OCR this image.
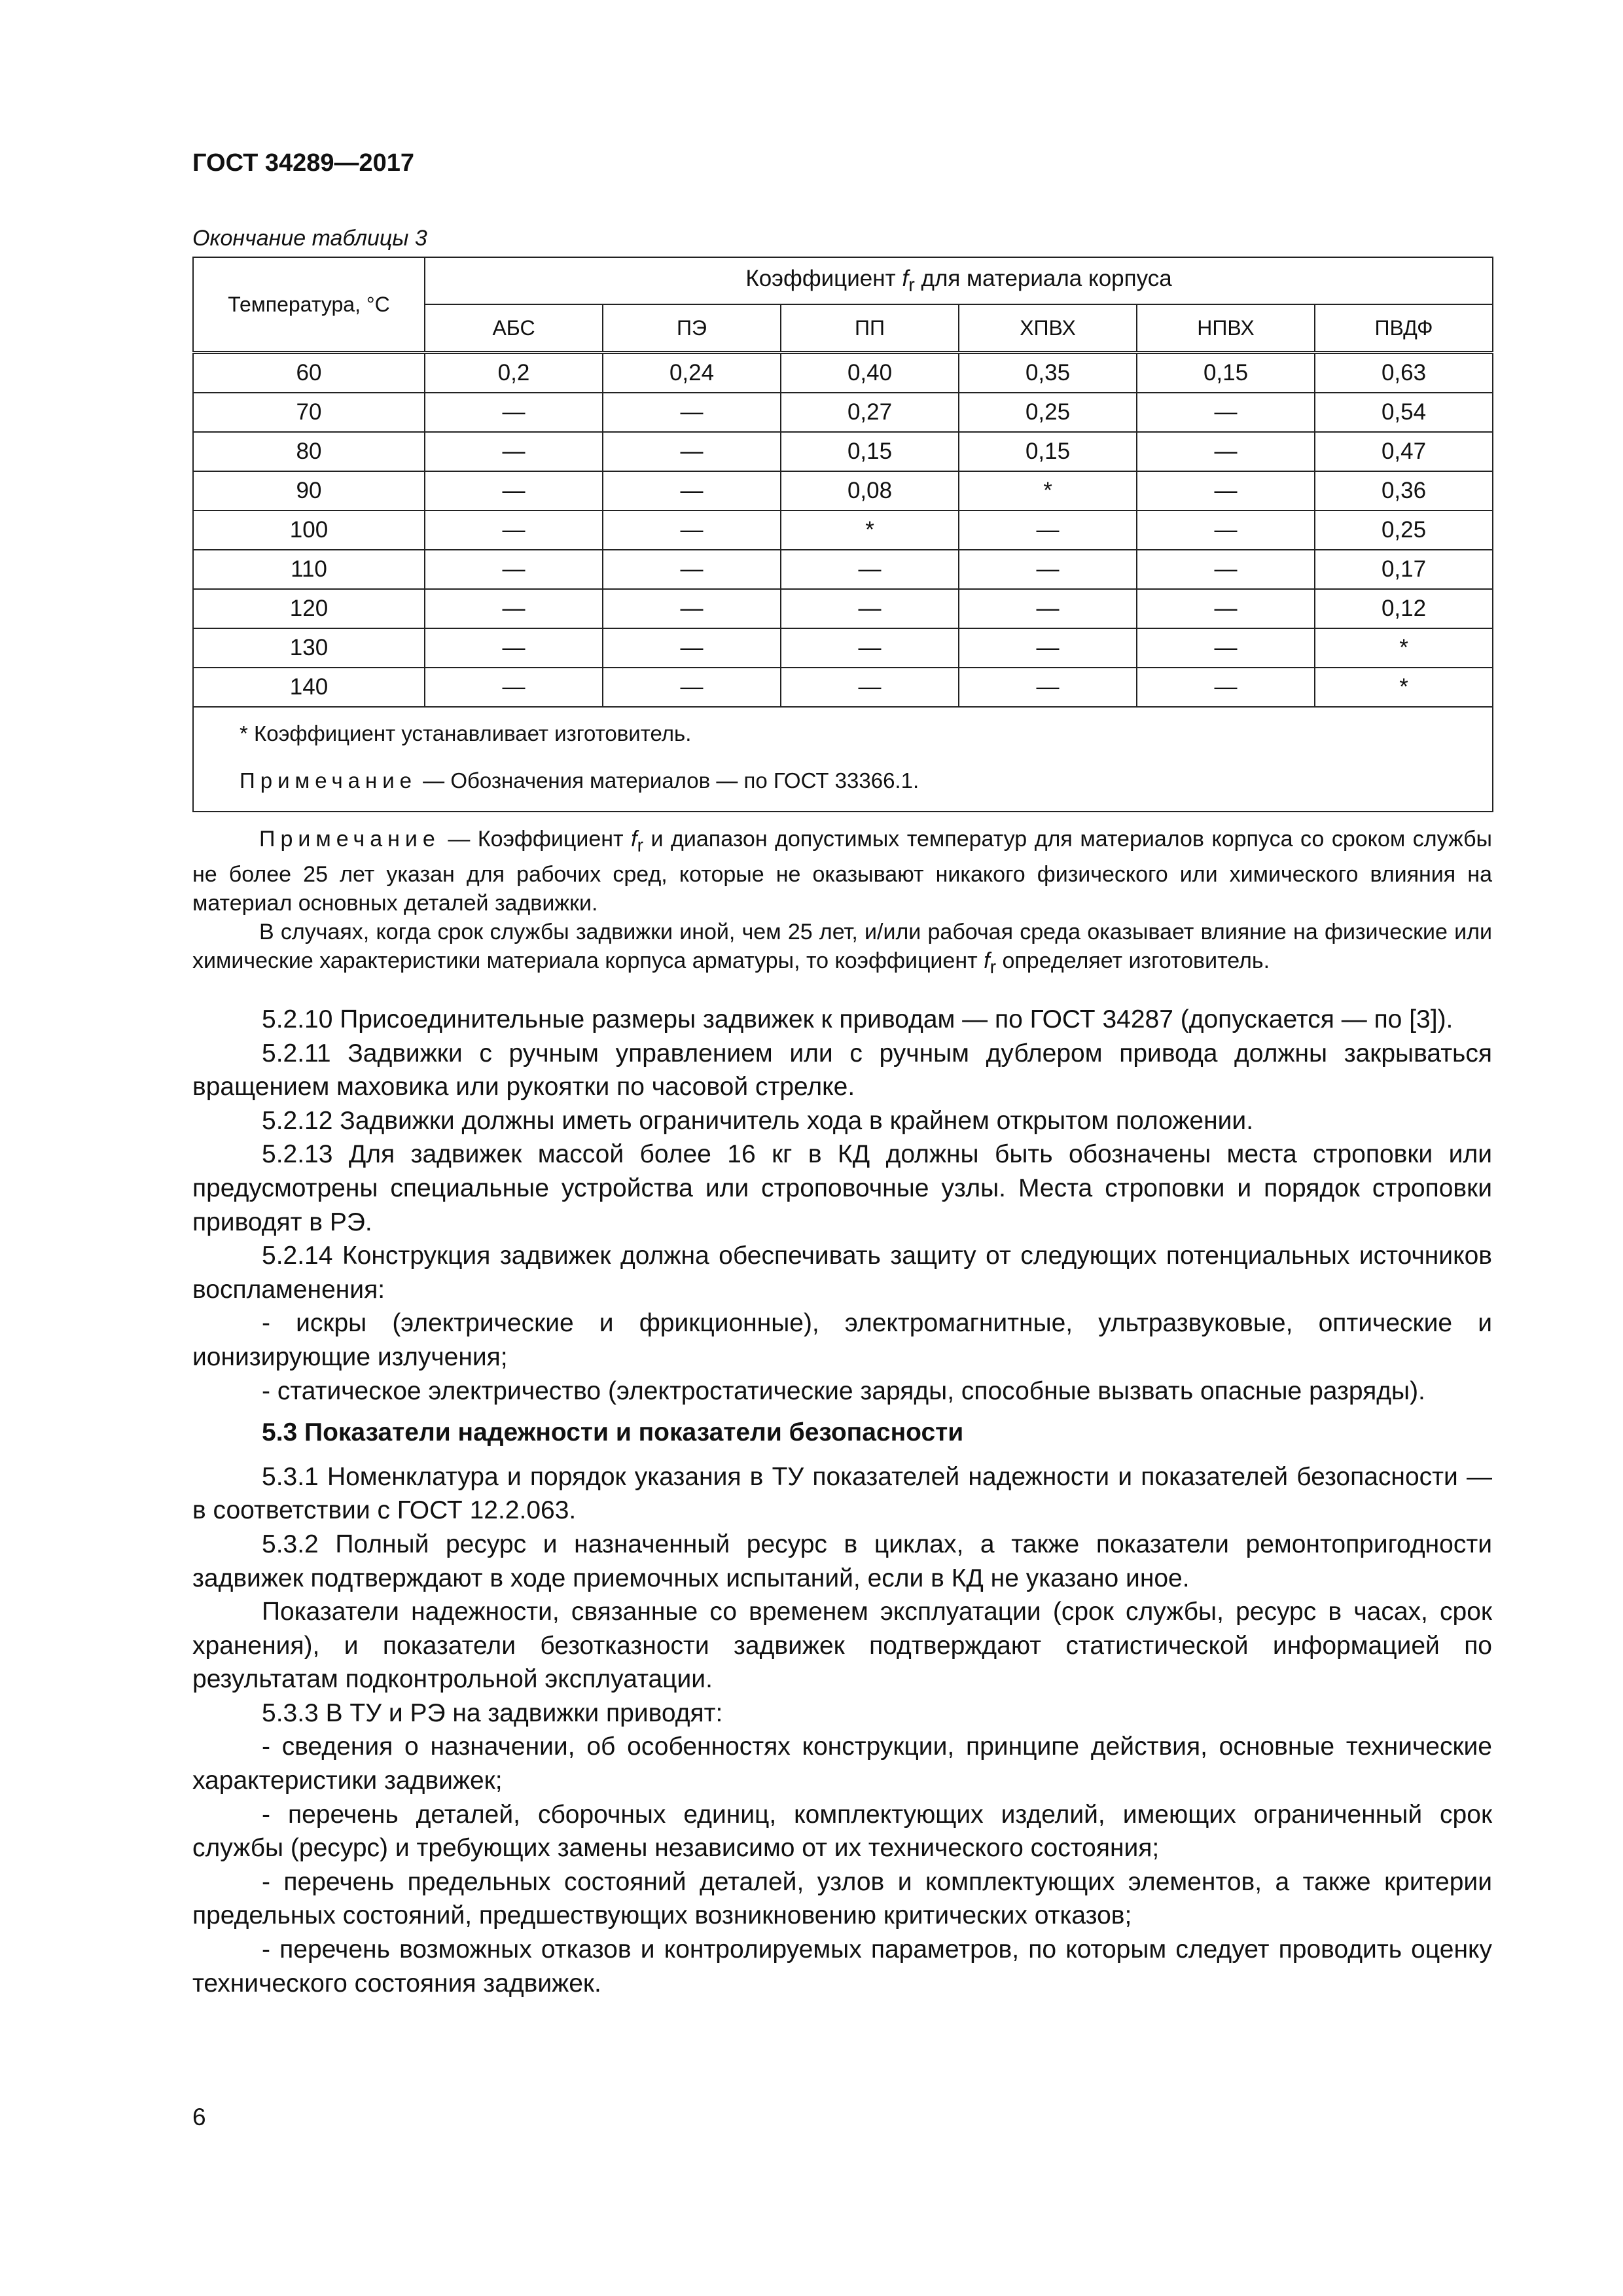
ГОСТ 34289—2017
Окончание таблицы 3
Температура, °С	Коэффициент $f_r$ для материала корпуса					
	АБС	ПЭ	ПП	ХПВХ	НПВХ	ПВДФ
60	0,2	0,24	0,40	0,35	0,15	0,63
70	—	—	0,27	0,25	—	0,54
80	—	—	0,15	0,15	—	0,47
90	—	—	0,08	*	—	0,36
100	—	—	*	—	—	0,25
110	—	—	—	—	—	0,17
120	—	—	—	—	—	0,12
130	—	—	—	—	—	*
140	—	—	—	—	—	*

* Коэффициент устанавливает изготовитель.

Примечание — Обозначения материалов — по ГОСТ 33366.1.						

Примечание — Коэффициент $f_r$ и диапазон допустимых температур для материалов корпуса со сроком службы не более 25 лет указан для рабочих сред, которые не оказывают никакого физического или химического влияния на материал основных деталей задвижки.

В случаях, когда срок службы задвижки иной, чем 25 лет, и/или рабочая среда оказывает влияние на физические или химические характеристики материала корпуса арматуры, то коэффициент $f_r$ определяет изготовитель.

5.2.10 Присоединительные размеры задвижек к приводам — по ГОСТ 34287 (допускается — по [3]).

5.2.11 Задвижки с ручным управлением или с ручным дублером привода должны закрываться вращением маховика или рукоятки по часовой стрелке.

5.2.12 Задвижки должны иметь ограничитель хода в крайнем открытом положении.

5.2.13 Для задвижек массой более 16 кг в КД должны быть обозначены места строповки или предусмотрены специальные устройства или строповочные узлы. Места строповки и порядок строповки приводят в РЭ.

5.2.14 Конструкция задвижек должна обеспечивать защиту от следующих потенциальных источников воспламенения:

- искры (электрические и фрикционные), электромагнитные, ультразвуковые, оптические и ионизирующие излучения;

- статическое электричество (электростатические заряды, способные вызвать опасные разряды).

5.3 Показатели надежности и показатели безопасности

5.3.1 Номенклатура и порядок указания в ТУ показателей надежности и показателей безопасности — в соответствии с ГОСТ 12.2.063.

5.3.2 Полный ресурс и назначенный ресурс в циклах, а также показатели ремонтопригодности задвижек подтверждают в ходе приемочных испытаний, если в КД не указано иное.

Показатели надежности, связанные со временем эксплуатации (срок службы, ресурс в часах, срок хранения), и показатели безотказности задвижек подтверждают статистической информацией по результатам подконтрольной эксплуатации.

5.3.3 В ТУ и РЭ на задвижки приводят:

- сведения о назначении, об особенностях конструкции, принципе действия, основные технические характеристики задвижек;

- перечень деталей, сборочных единиц, комплектующих изделий, имеющих ограниченный срок службы (ресурс) и требующих замены независимо от их технического состояния;

- перечень предельных состояний деталей, узлов и комплектующих элементов, а также критерии предельных состояний, предшествующих возникновению критических отказов;

- перечень возможных отказов и контролируемых параметров, по которым следует проводить оценку технического состояния задвижек.

6
